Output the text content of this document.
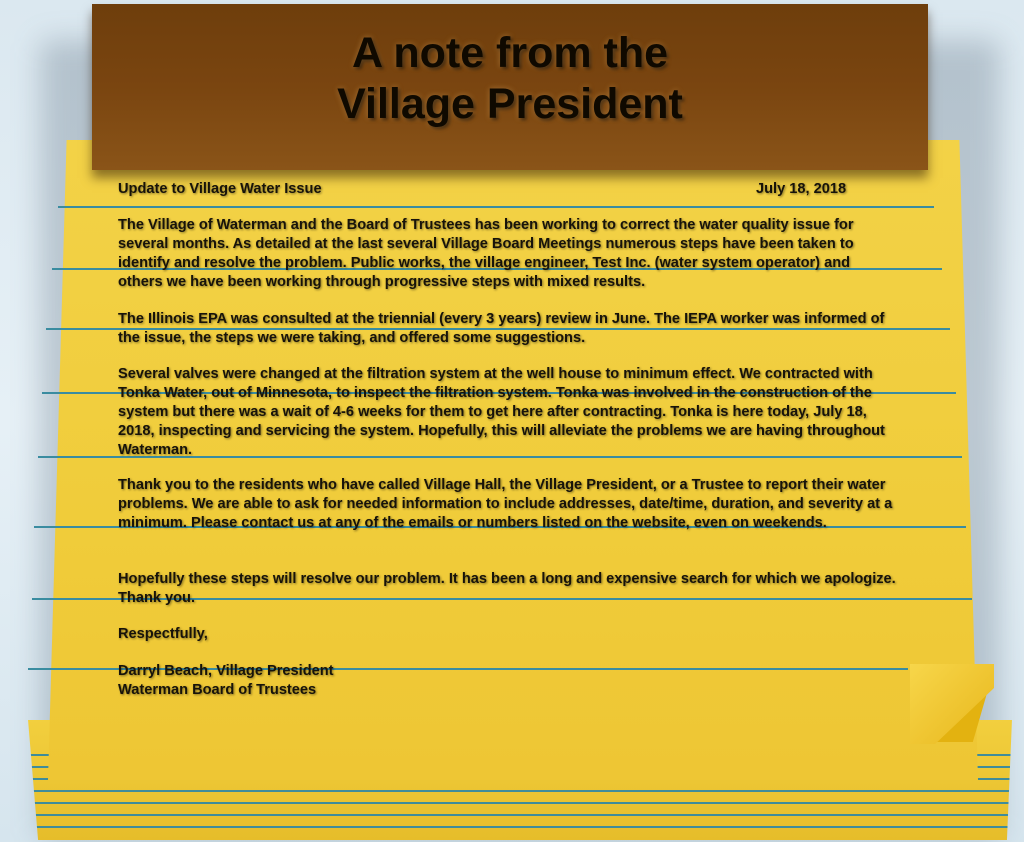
A note from the
Village President
Update to Village Water Issue	July 18, 2018

The Village of Waterman and the Board of Trustees has been working to correct the water quality issue for several months. As detailed at the last several Village Board Meetings numerous steps have been taken to identify and resolve the problem. Public works, the village engineer, Test Inc. (water system operator) and others we have been working through progressive steps with mixed results.

The Illinois EPA was consulted at the triennial (every 3 years) review in June. The IEPA worker was informed of the issue, the steps we were taking, and offered some suggestions.

Several valves were changed at the filtration system at the well house to minimum effect. We contracted with Tonka Water, out of Minnesota, to inspect the filtration system. Tonka was involved in the construction of the system but there was a wait of 4-6 weeks for them to get here after contracting. Tonka is here today, July 18, 2018, inspecting and servicing the system. Hopefully, this will alleviate the problems we are having throughout Waterman.

Thank you to the residents who have called Village Hall, the Village President, or a Trustee to report their water problems. We are able to ask for needed information to include addresses, date/time, duration, and severity at a minimum. Please contact us at any of the emails or numbers listed on the website, even on weekends.

Hopefully these steps will resolve our problem. It has been a long and expensive search for which we apologize. Thank you.

Respectfully,
Darryl Beach, Village President
Waterman Board of Trustees
